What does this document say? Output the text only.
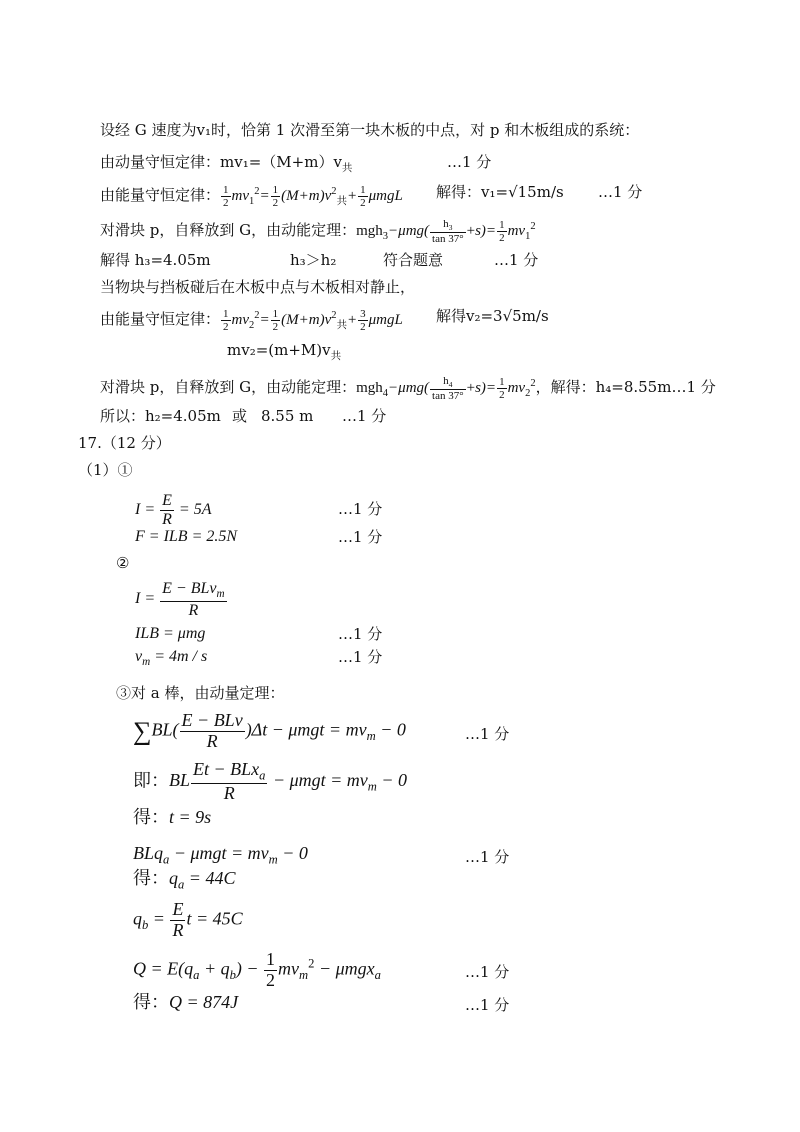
设经 G 速度为v₁时，恰第 1 次滑至第一块木板的中点，对 p 和木板组成的系统：
由动量守恒定律：$mv_1=(M+m)v_共$	…1 分
由能量守恒定律： $\frac{1}{2} mv_1^2= \frac{1}{2} (M+m)v^2_共+ \frac{1}{2}$ μmgL 解得：v₁=√15m/s …1 分
对滑块 p，自释放到 G，由动能定理：$mgh_3-\mu mg( \frac{h_3}{\tan 37^\circ} +s)= \frac{1}{2} mv_1^2$
解得 h₃=4.05m	h₃＞h₂	符合题意	…1 分
当物块与挡板碰后在木板中点与木板相对静止，
由能量守恒定律： $\frac{1}{2} mv_2^2= \frac{1}{2} (M+m)v^2_共+ \frac{3}{2}$ μmgL 解得v₂=3√5m/s
$mv_2=(m+M)v_共$
对滑块 p，自释放到 G，由动能定理：$mgh_4-\mu mg( \frac{h_4}{\tan 37^\circ} +s)= \frac{1}{2} mv_2^2$，解得：h₄=8.55m…1 分
所以：h₂=4.05m 或 8.55 m …1 分
17.（12 分）
（1）①
$I = \frac{E}{R} = 5A$	…1 分
F = ILB = 2.5N	…1 分
②
$I = \frac{E - BLv_m}{R}$
ILB = μmg	…1 分
$v_m = 4m / s$	…1 分
③对 a 棒，由动量定理：
$\sum BL( \frac{\text{E − BLv}}{R} )\Delta t - \mu mgt = mv_m - 0$	…1 分
即：BL $\frac{Et - BLx_a}{R} - \mu mgt = mv_m - 0$
得：t = 9s
$BLq_a - \mu mgt = mv_m - 0$	…1 分
得：$q_a = 44C$
$q_b = \frac{E}{R}$ t = 45C
$Q = E(q_a + q_b) - \frac{1}{2} mv_m^2 - \mu mgx_a$	…1 分
得：Q = 874J	…1 分
